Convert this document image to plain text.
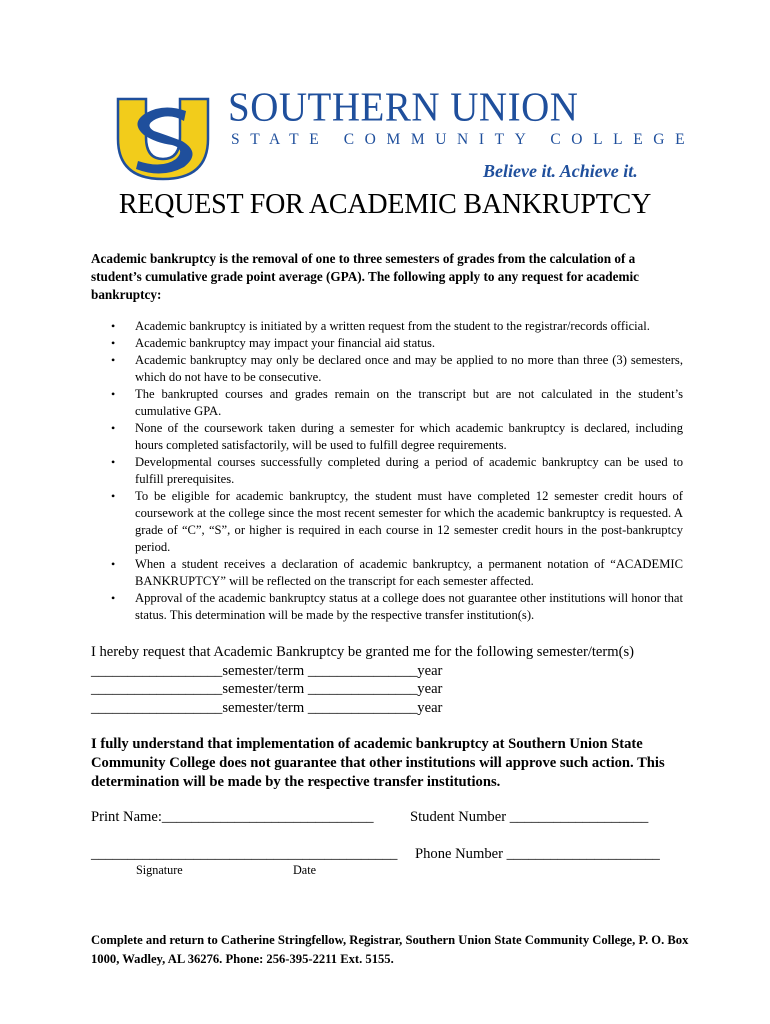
SOUTHERN UNION
STATE COMMUNITY COLLEGE
Believe it. Achieve it.
REQUEST FOR ACADEMIC BANKRUPTCY
Academic bankruptcy is the removal of one to three semesters of grades from the calculation of a student’s cumulative grade point average (GPA). The following apply to any request for academic bankruptcy:
• Academic bankruptcy is initiated by a written request from the student to the registrar/records official.
• Academic bankruptcy may impact your financial aid status.
• Academic bankruptcy may only be declared once and may be applied to no more than three (3) semesters, which do not have to be consecutive.
• The bankrupted courses and grades remain on the transcript but are not calculated in the student’s cumulative GPA.
• None of the coursework taken during a semester for which academic bankruptcy is declared, including hours completed satisfactorily, will be used to fulfill degree requirements.
• Developmental courses successfully completed during a period of academic bankruptcy can be used to fulfill prerequisites.
• To be eligible for academic bankruptcy, the student must have completed 12 semester credit hours of coursework at the college since the most recent semester for which the academic bankruptcy is requested. A grade of “C”, “S”, or higher is required in each course in 12 semester credit hours in the post-bankruptcy period.
• When a student receives a declaration of academic bankruptcy, a permanent notation of “ACADEMIC BANKRUPTCY” will be reflected on the transcript for each semester affected.
• Approval of the academic bankruptcy status at a college does not guarantee other institutions will honor that status. This determination will be made by the respective transfer institution(s).
I hereby request that Academic Bankruptcy be granted me for the following semester/term(s)
__________________semester/term _______________year
__________________semester/term _______________year
__________________semester/term _______________year
I fully understand that implementation of academic bankruptcy at Southern Union State Community College does not guarantee that other institutions will approve such action. This determination will be made by the respective transfer institutions.
Print Name:_____________________________ Student Number ___________________
__________________________________________ Phone Number _____________________
Signature	Date
Complete and return to Catherine Stringfellow, Registrar, Southern Union State Community College, P. O. Box 1000, Wadley, AL 36276. Phone: 256-395-2211 Ext. 5155.
